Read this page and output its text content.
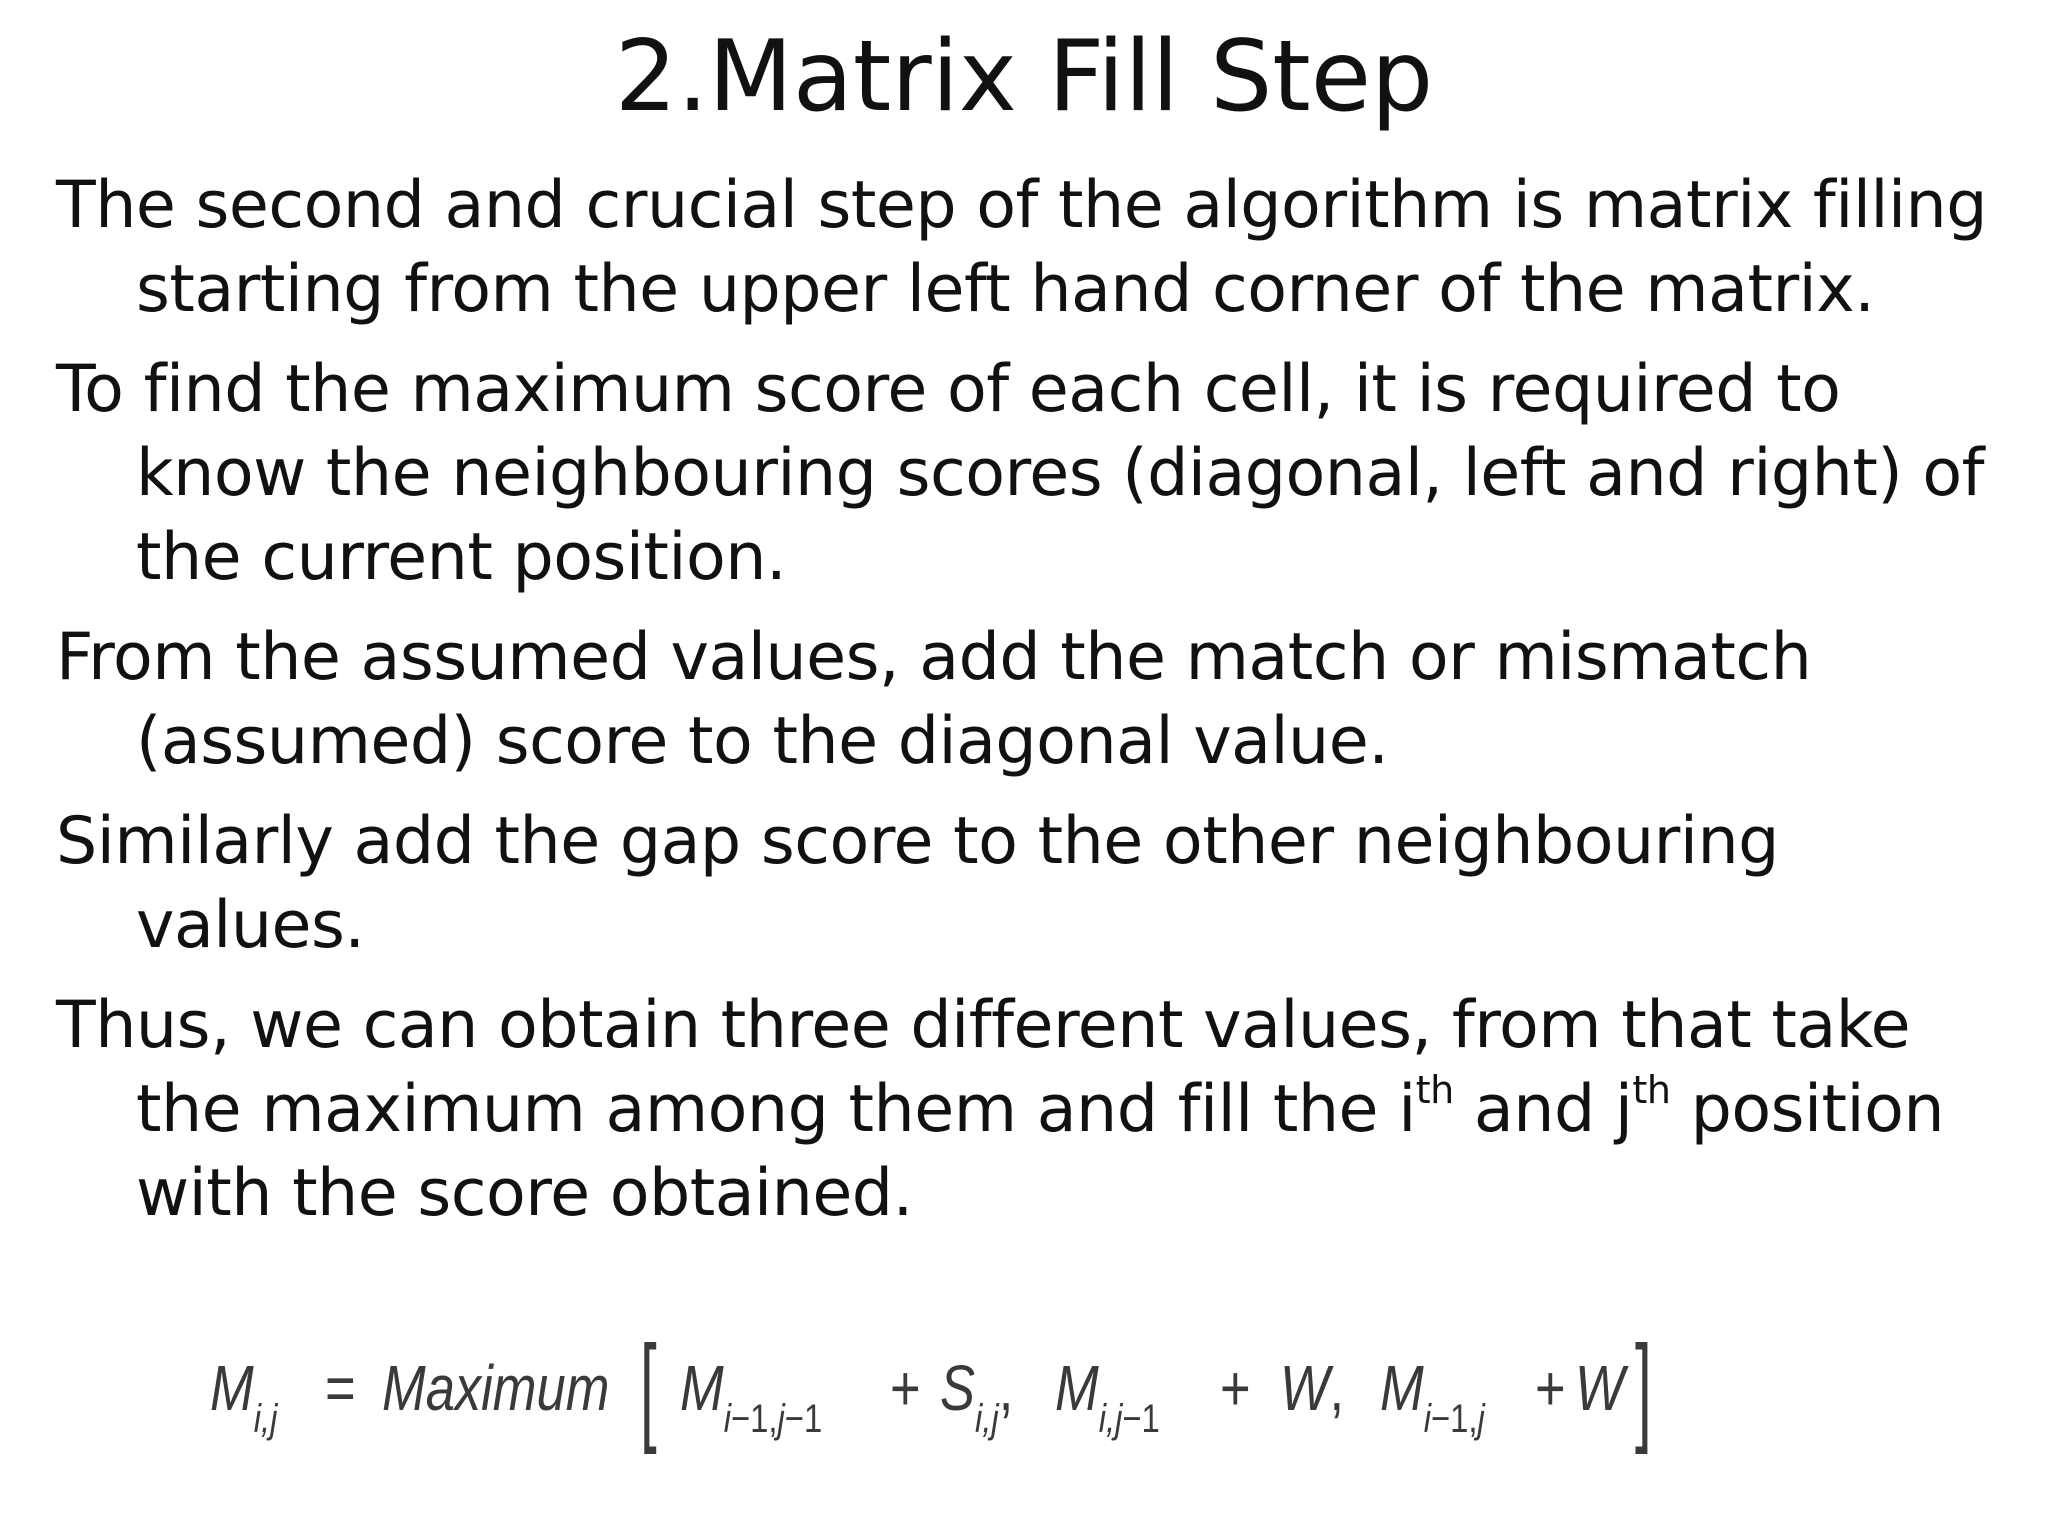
2.Matrix Fill Step

The second and crucial step of the algorithm is matrix filling starting from the upper left hand corner of the matrix.

To find the maximum score of each cell, it is required to know the neighbouring scores (diagonal, left and right) of the current position.

From the assumed values, add the match or mismatch (assumed) score to the diagonal value.

Similarly add the gap score to the other neighbouring values.

Thus, we can obtain three different values, from that take the maximum among them and fill the $i^{th}$ and $j^{th}$ position with the score obtained.

$M_{i,j}$ = Maximum [ $M_{i-1,j-1} + S_{i,j}$, $M_{i,j-1} + W$, $M_{i-1,j} + W$ ]
